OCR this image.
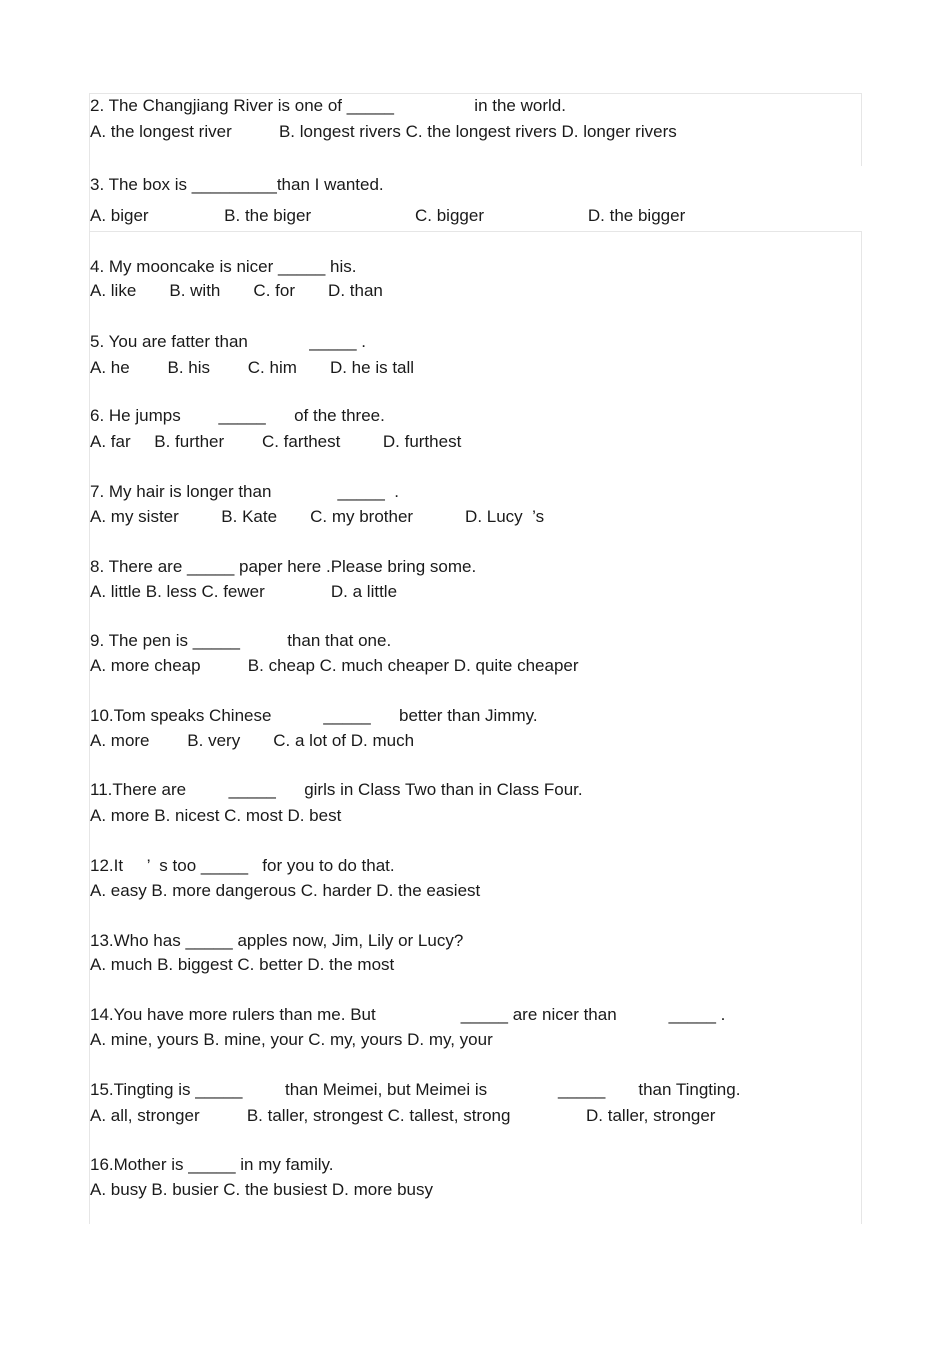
2. The Changjiang River is one of _____                 in the world.
A. the longest river          B. longest rivers C. the longest rivers D. longer rivers
3. The box is _________than I wanted.
A. biger                B. the biger                      C. bigger                      D. the bigger
4. My mooncake is nicer _____ his.
A. like       B. with       C. for       D. than
5. You are fatter than             _____ .
A. he        B. his        C. him       D. he is tall
6. He jumps        _____      of the three.
A. far     B. further        C. farthest         D. furthest
7. My hair is longer than              _____  .
A. my sister         B. Kate       C. my brother           D. Lucy  ’s
8. There are _____ paper here .Please bring some.
A. little B. less C. fewer              D. a little
9. The pen is _____          than that one.
A. more cheap          B. cheap C. much cheaper D. quite cheaper
10.Tom speaks Chinese           _____      better than Jimmy.
A. more        B. very       C. a lot of D. much
11.There are         _____      girls in Class Two than in Class Four.
A. more B. nicest C. most D. best
12.It     ’  s too _____   for you to do that.
A. easy B. more dangerous C. harder D. the easiest
13.Who has _____ apples now, Jim, Lily or Lucy?
A. much B. biggest C. better D. the most
14.You have more rulers than me. But                  _____ are nicer than           _____ .
A. mine, yours B. mine, your C. my, yours D. my, your
15.Tingting is _____         than Meimei, but Meimei is               _____       than Tingting.
A. all, stronger          B. taller, strongest C. tallest, strong                D. taller, stronger
16.Mother is _____ in my family.
A. busy B. busier C. the busiest D. more busy
